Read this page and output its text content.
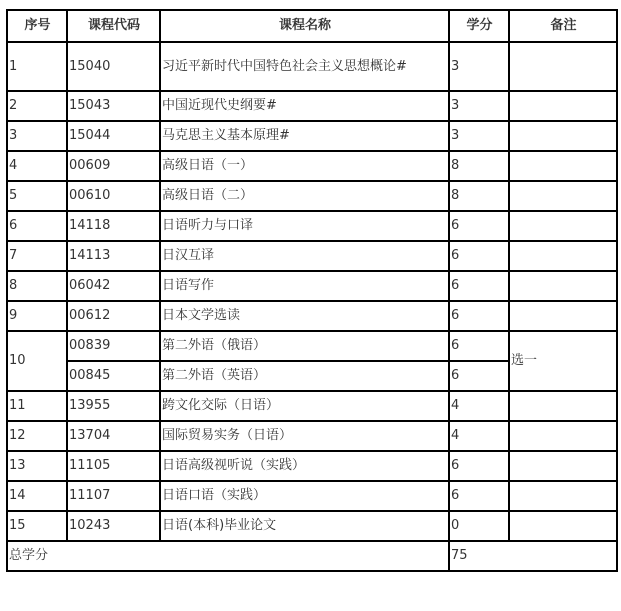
序号	课程代码	课程名称	学分	备注
1	15040	习近平新时代中国特色社会主义思想概论#	3	
2	15043	中国近现代史纲要#	3	
3	15044	马克思主义基本原理#	3	
4	00609	高级日语（一）	8	
5	00610	高级日语（二）	8	
6	14118	日语听力与口译	6	
7	14113	日汉互译	6	
8	06042	日语写作	6	
9	00612	日本文学选读	6	
10	00839	第二外语（俄语）	6	选一
	00845	第二外语（英语）	6	
11	13955	跨文化交际（日语）	4	
12	13704	国际贸易实务（日语）	4	
13	11105	日语高级视听说（实践）	6	
14	11107	日语口语（实践）	6	
15	10243	日语(本科)毕业论文	0	
总学分			75	
